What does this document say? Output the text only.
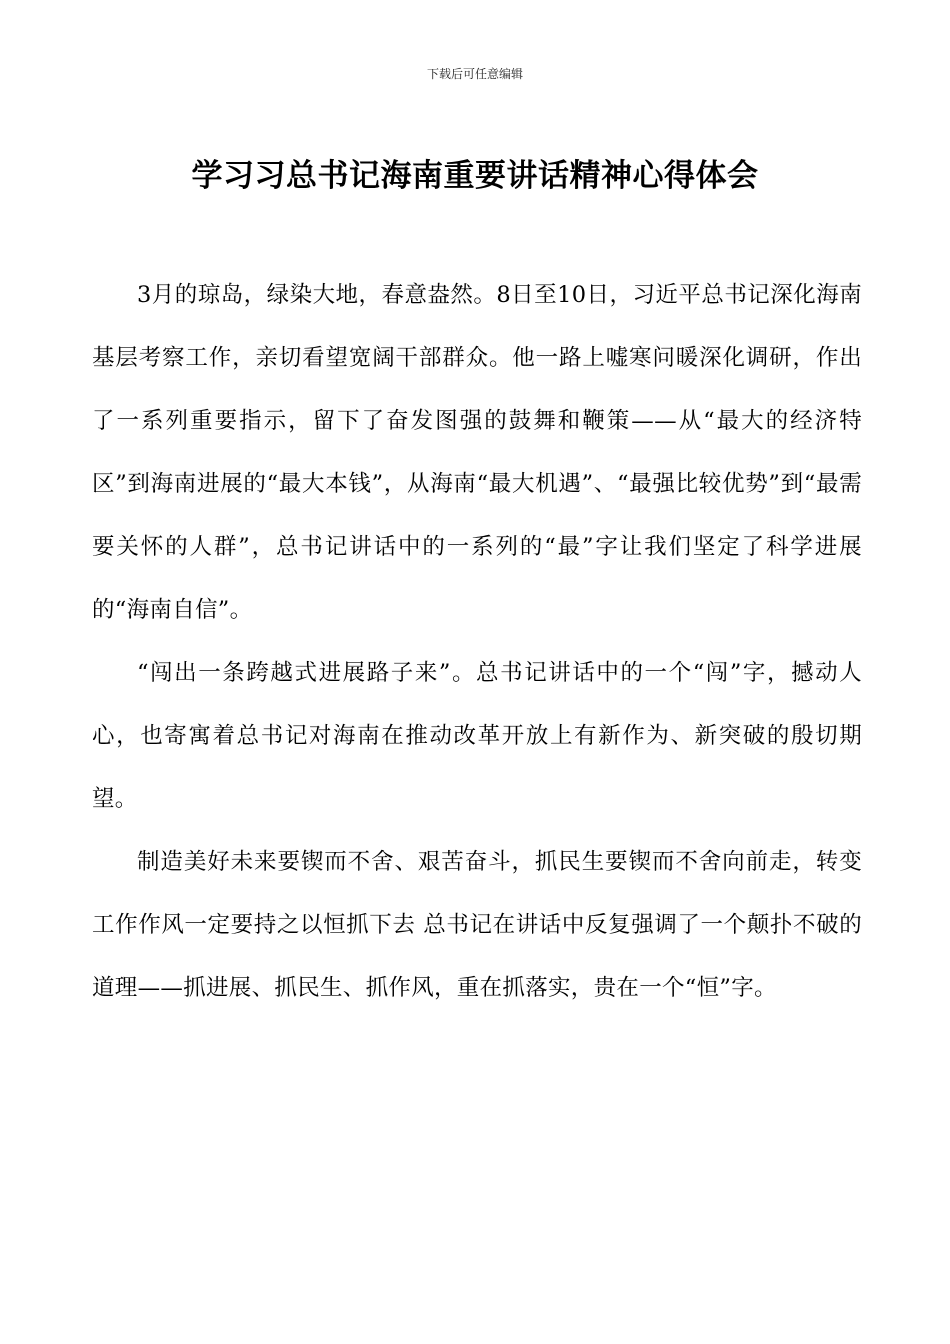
下载后可任意编辑
学习习总书记海南重要讲话精神心得体会

3月的琼岛，绿染大地，春意盎然。8日至10日，习近平总书记深化海南基层考察工作，亲切看望宽阔干部群众。他一路上嘘寒问暖深化调研，作出了一系列重要指示，留下了奋发图强的鼓舞和鞭策——从“最大的经济特区”到海南进展的“最大本钱”，从海南“最大机遇”、“最强比较优势”到“最需要关怀的人群”，总书记讲话中的一系列的“最”字让我们坚定了科学进展的“海南自信”。

“闯出一条跨越式进展路子来”。总书记讲话中的一个“闯”字，撼动人心，也寄寓着总书记对海南在推动改革开放上有新作为、新突破的殷切期望。

制造美好未来要锲而不舍、艰苦奋斗，抓民生要锲而不舍向前走，转变工作作风一定要持之以恒抓下去 总书记在讲话中反复强调了一个颠扑不破的道理——抓进展、抓民生、抓作风，重在抓落实，贵在一个“恒”字。
